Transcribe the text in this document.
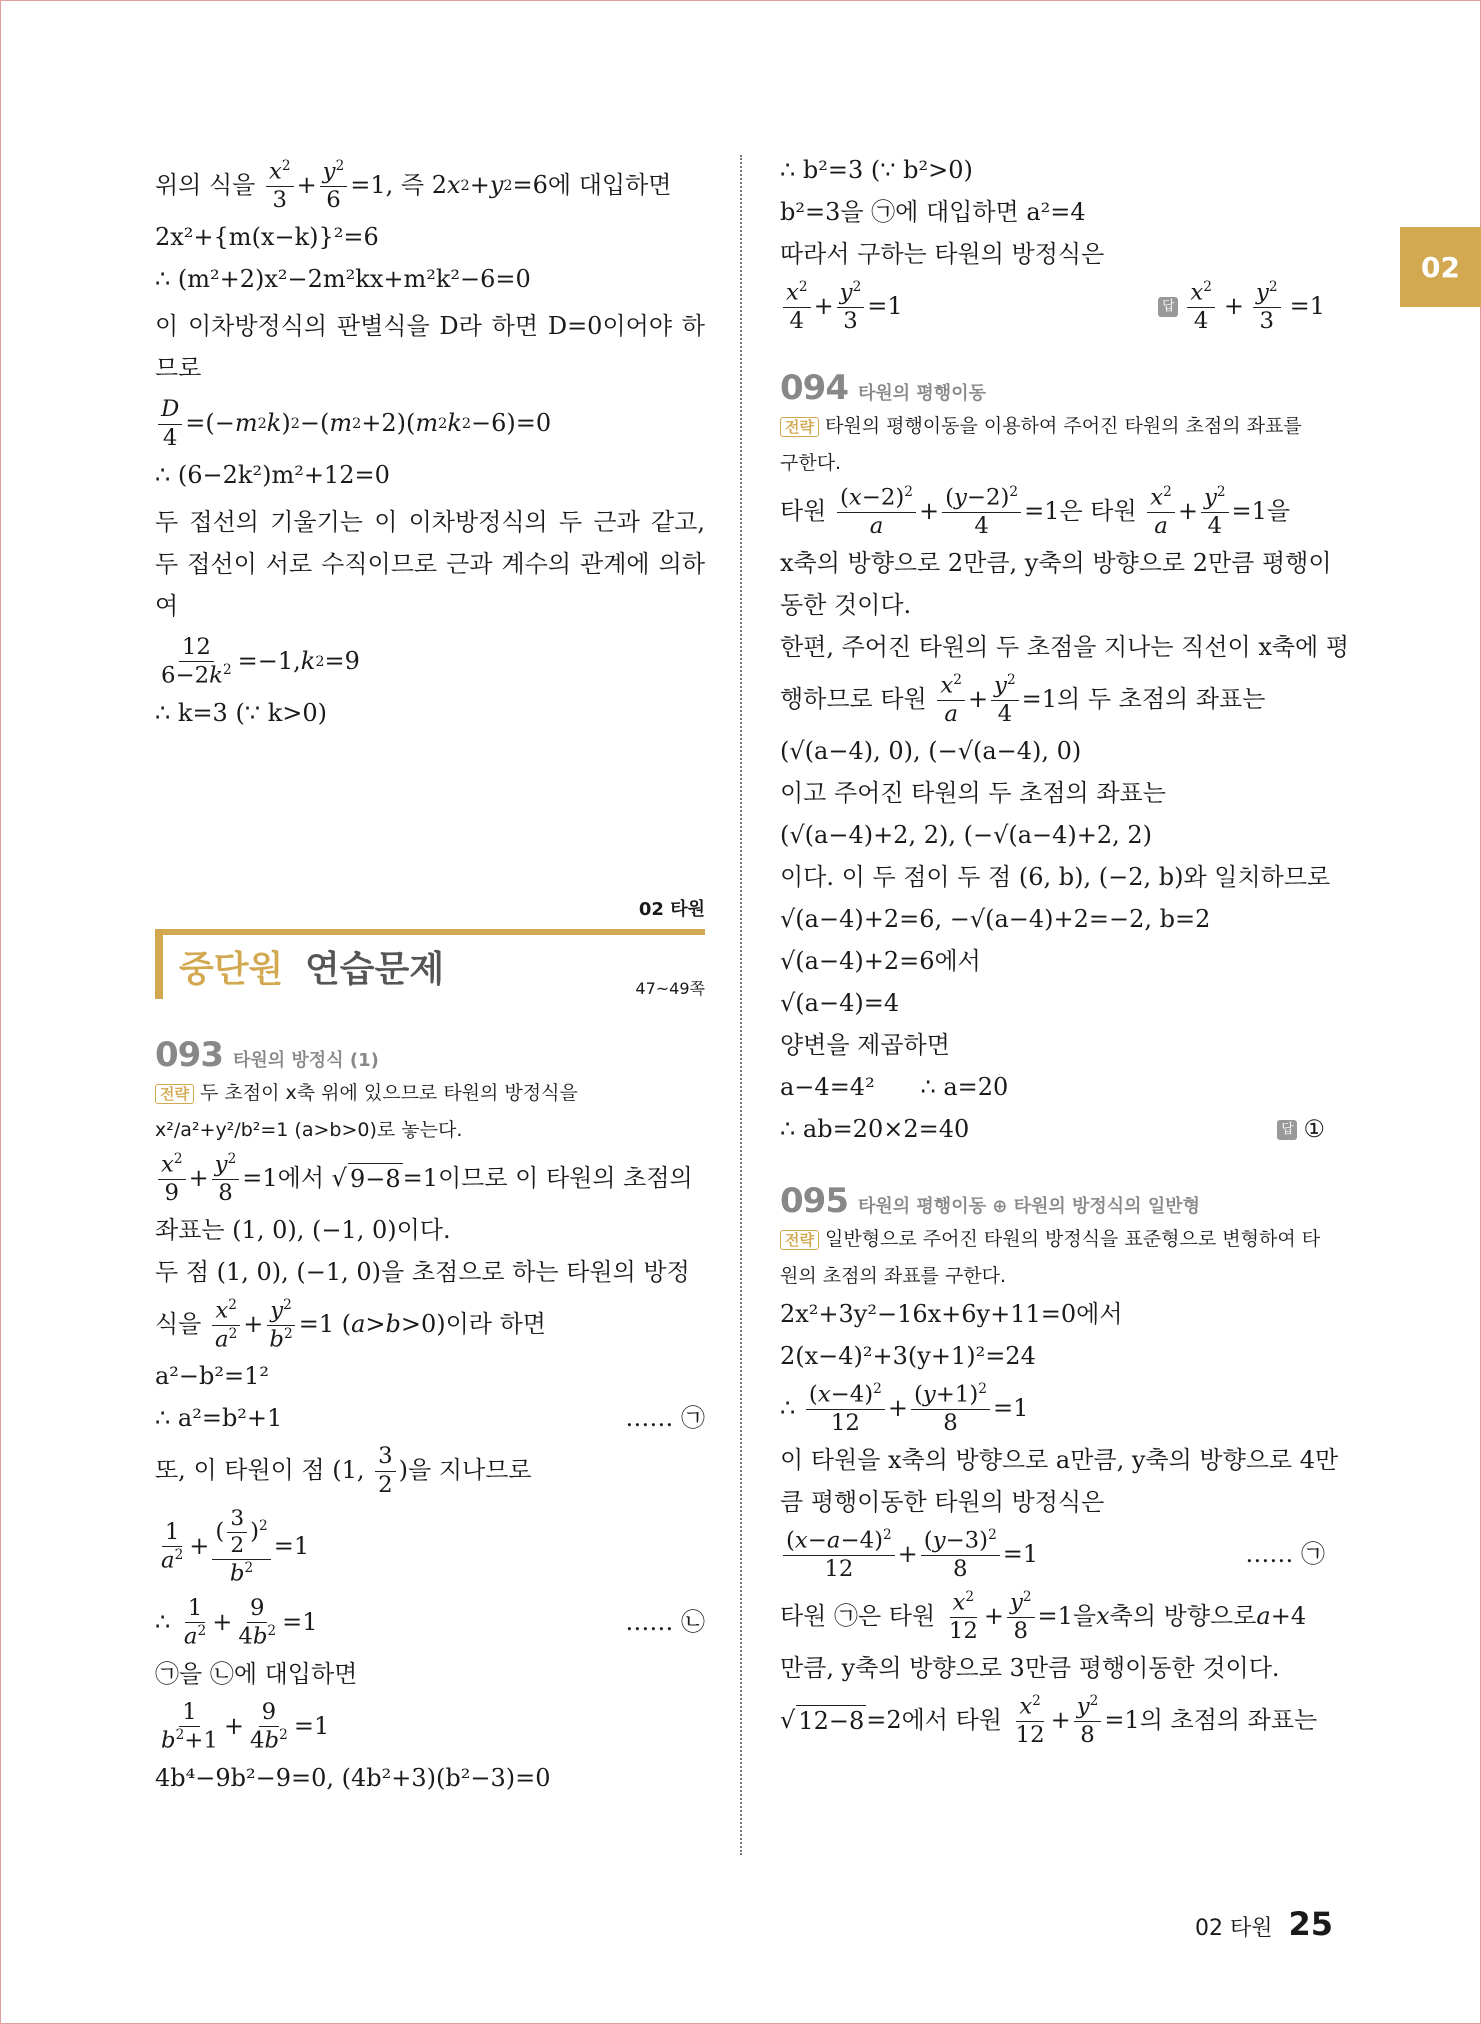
02
위의 식을 $\frac{x^2}{3} + \frac{y^2}{6} =1$, 즉 2 x 2 + y 2 =6에 대입하면
2x²+{m(x−k)}²=6
∴ (m²+2)x²−2m²kx+m²k²−6=0
이 이차방정식의 판별식을 D라 하면 D=0이어야 하므로
$\frac{D}{4}$ =(− m 2 k ) 2 −( m 2 +2)( m 2 k 2 −6)=0
∴ (6−2k²)m²+12=0
두 접선의 기울기는 이 이차방정식의 두 근과 같고, 두 접선이 서로 수직이므로 근과 계수의 관계에 의하여
$\frac{12}{6-2k^2} =-1$, k 2 =9
∴ k=3 (∵ k>0)
02 타원
중단원 연습문제	47~49쪽
093 타원의 방정식 (1)
전략 두 초점이 x축 위에 있으므로 타원의 방정식을 x²/a²+y²/b²=1 (a>b>0)로 놓는다.
$\frac{x^2}{9} + \frac{y^2}{8} =1$에서 √ 9−8 =1이므로 이 타원의 초점의
좌표는 (1, 0), (−1, 0)이다.
두 점 (1, 0), (−1, 0)을 초점으로 하는 타원의 방정
식을 $\frac{x^2}{a^2} + \frac{y^2}{b^2} =1$ ( a > b >0)이라 하면
a²−b²=1²
∴ a²=b²+1	…… ㉠
또, 이 타원이 점 (1, $\frac{3}{2}$ )을 지나므로
$\frac{1}{a^2} + \frac{( \frac{3}{2} )^2}{b^2} =1$
∴ $\frac{1}{a^2} + \frac{9}{4b^2} =1$	…… ㉡
㉠을 ㉡에 대입하면
$\frac{1}{b^2+1} + \frac{9}{4b^2} =1$
4b⁴−9b²−9=0, (4b²+3)(b²−3)=0
∴ b²=3 (∵ b²>0)
b²=3을 ㉠에 대입하면 a²=4
따라서 구하는 타원의 방정식은
$\frac{x^2}{4} + \frac{y^2}{3} =1$	답 $\frac{x^2}{4} + \frac{y^2}{3} =1$
094 타원의 평행이동
전략 타원의 평행이동을 이용하여 주어진 타원의 초점의 좌표를 구한다.
타원 $\frac{(x-2)^2}{a} + \frac{(y-2)^2}{4} =1$은 타원 $\frac{x^2}{a} + \frac{y^2}{4} =1$을
x축의 방향으로 2만큼, y축의 방향으로 2만큼 평행이
동한 것이다.
한편, 주어진 타원의 두 초점을 지나는 직선이 x축에 평
행하므로 타원 $\frac{x^2}{a} + \frac{y^2}{4} =1$의 두 초점의 좌표는
(√(a−4), 0), (−√(a−4), 0)
이고 주어진 타원의 두 초점의 좌표는
(√(a−4)+2, 2), (−√(a−4)+2, 2)
이다. 이 두 점이 두 점 (6, b), (−2, b)와 일치하므로
√(a−4)+2=6, −√(a−4)+2=−2, b=2
√(a−4)+2=6에서
√(a−4)=4
양변을 제곱하면
a−4=4²      ∴ a=20
∴ ab=20×2=40	답 ①
095 타원의 평행이동 ⊕ 타원의 방정식의 일반형
전략 일반형으로 주어진 타원의 방정식을 표준형으로 변형하여 타원의 초점의 좌표를 구한다.
2x²+3y²−16x+6y+11=0에서
2(x−4)²+3(y+1)²=24
∴ $\frac{(x-4)^2}{12} + \frac{(y+1)^2}{8} =1$
이 타원을 x축의 방향으로 a만큼, y축의 방향으로 4만
큼 평행이동한 타원의 방정식은
$\frac{(x-a-4)^2}{12} + \frac{(y-3)^2}{8} =1$	…… ㉠
타원 ㉠은 타원 $\frac{x^2}{12} + \frac{y^2}{8} =1$을 x 축의 방향으로 a +4
만큼, y축의 방향으로 3만큼 평행이동한 것이다.
√ 12−8 =2에서 타원 $\frac{x^2}{12} + \frac{y^2}{8} =1$의 초점의 좌표는
02 타원 25
